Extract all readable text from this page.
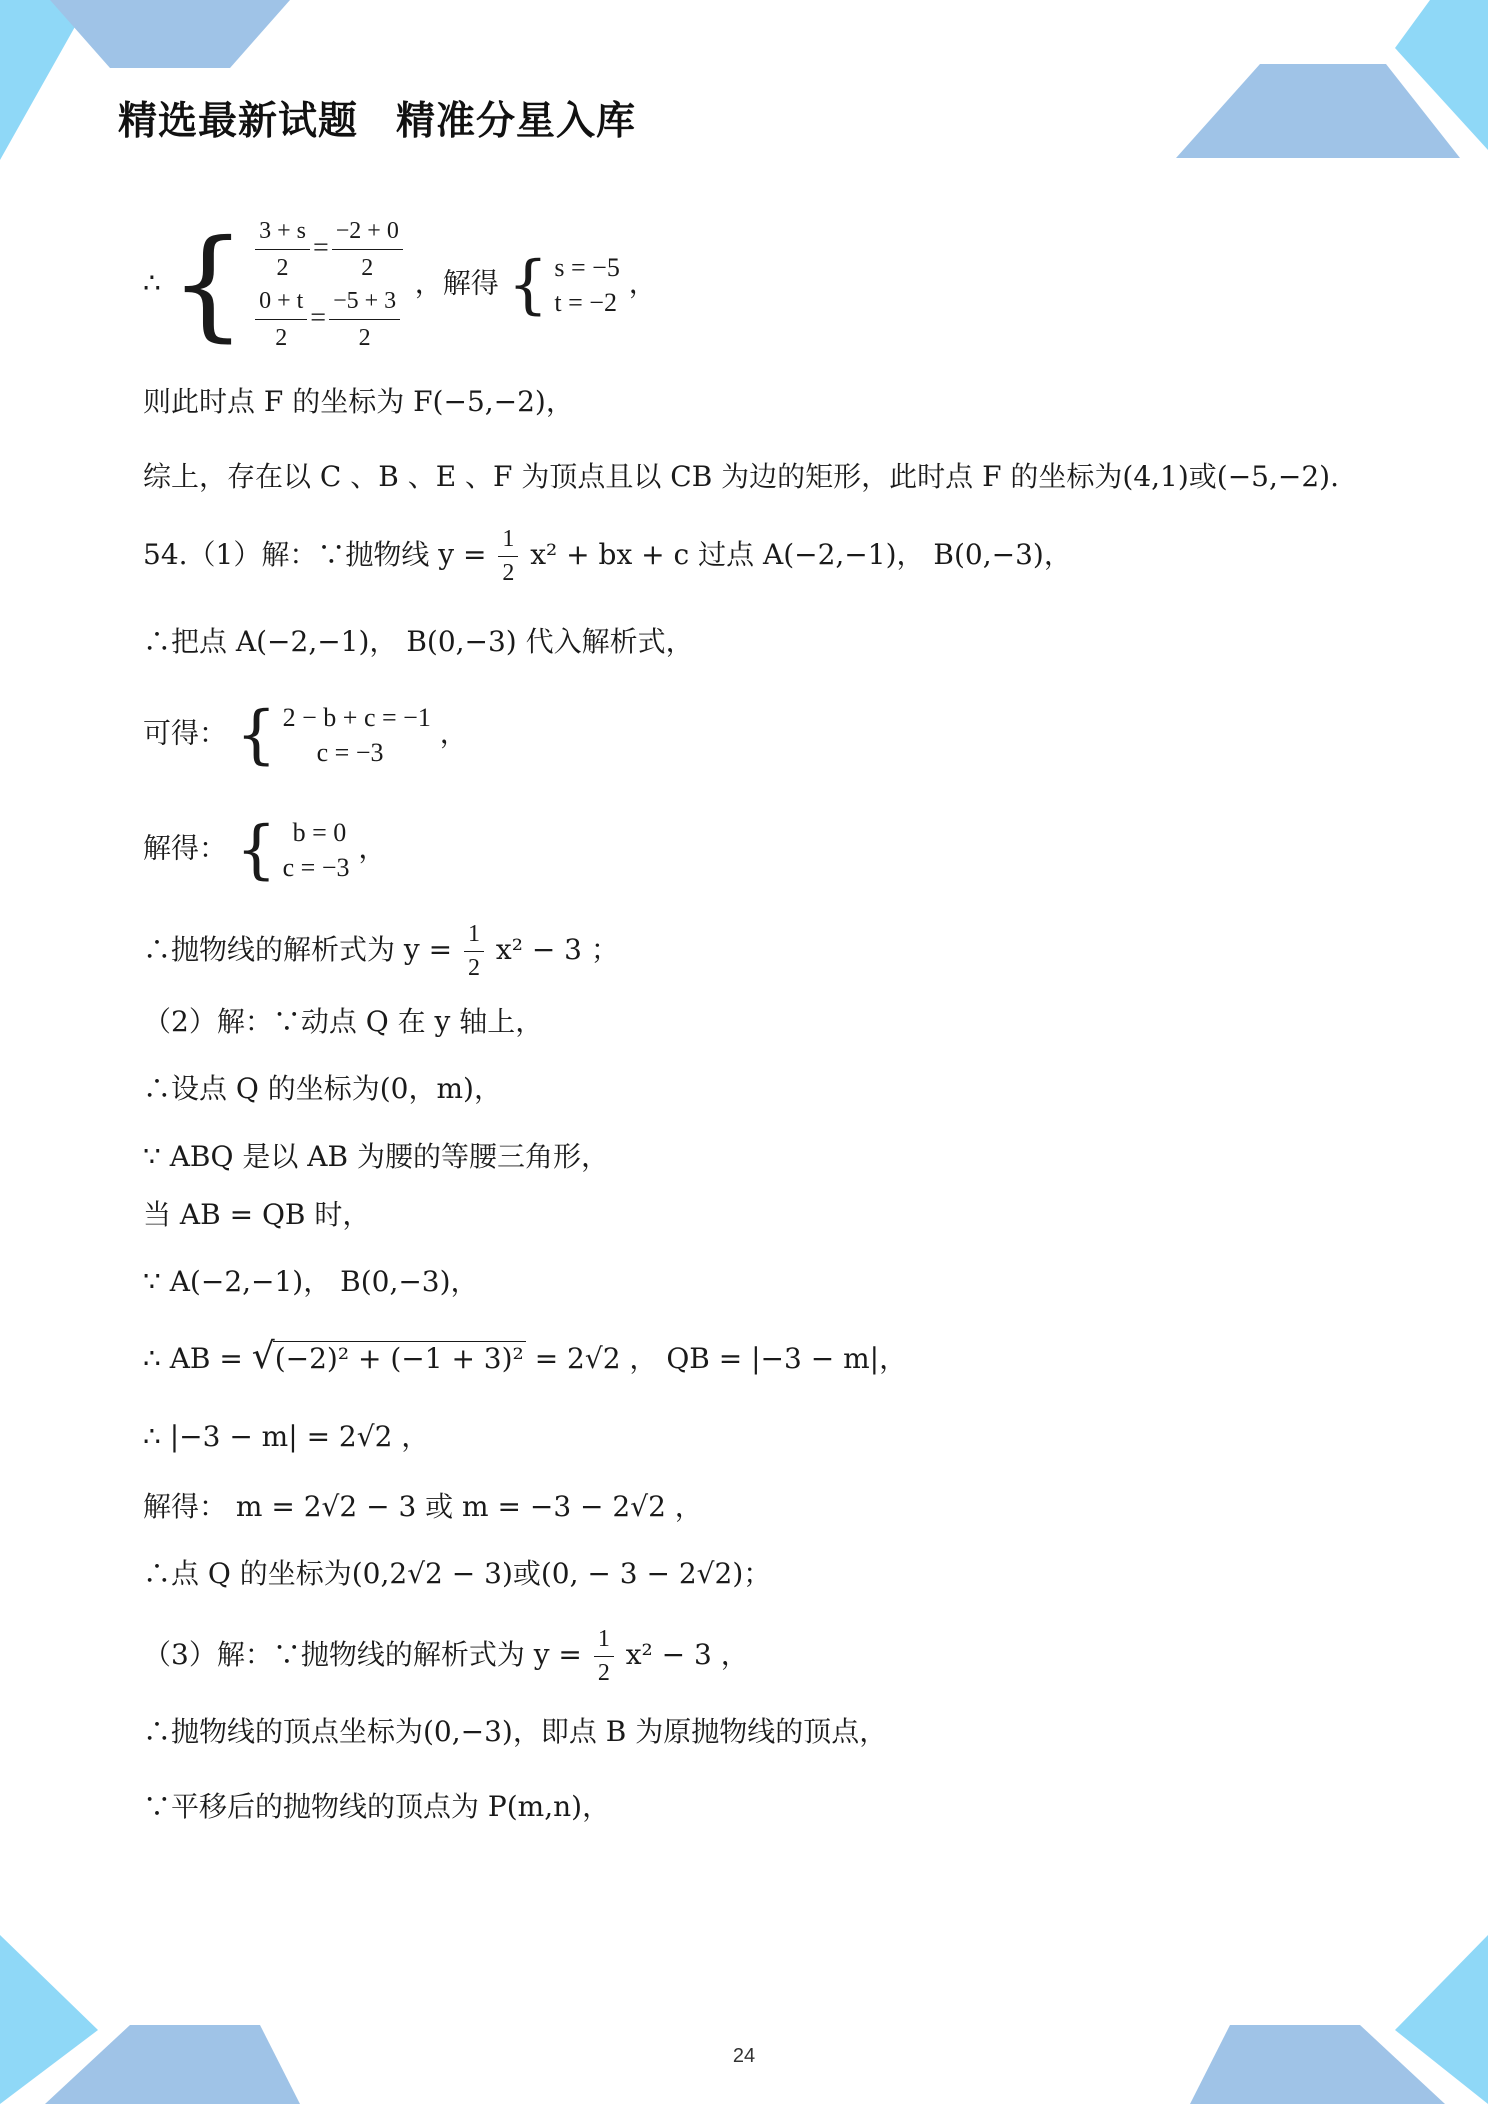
精选最新试题 精准分星入库
∴ { $\frac{3 + s}{2} = \frac{-2 + 0}{2}$
$\frac{0 + t}{2} = \frac{-5 + 3}{2}$
，解得 { s = −5
t = −2
，
则此时点 F 的坐标为 F(−5,−2)，
综上，存在以 C 、B 、E 、F 为顶点且以 CB 为边的矩形，此时点 F 的坐标为(4,1)或(−5,−2).
54.（1）解：∵抛物线 $y = \frac{1}{2} x^2$ + bx + c 过点 A(−2,−1)， B(0,−3)，
∴把点 A(−2,−1)， B(0,−3) 代入解析式，
可得： { 2 − b + c = −1
c = −3
，
解得： { b = 0
c = −3
，
∴抛物线的解析式为 $y = \frac{1}{2} x^2 - 3$ ；
（2）解：∵动点 Q 在 y 轴上，
∴设点 Q 的坐标为(0，m)，
∵ ABQ 是以 AB 为腰的等腰三角形，
当 AB = QB 时，
∵ A(−2,−1)， B(0,−3)，
∴ AB = √(−2)² + (−1 + 3)² = 2√2 ， QB = |−3 − m|，
∴ |−3 − m| = 2√2 ，
解得： m = 2√2 − 3 或 m = −3 − 2√2 ，
∴点 Q 的坐标为(0,2√2 − 3)或(0, − 3 − 2√2)；
（3）解：∵抛物线的解析式为 $y = \frac{1}{2} x^2 - 3$ ，
∴抛物线的顶点坐标为(0,−3)，即点 B 为原抛物线的顶点，
∵平移后的抛物线的顶点为 P(m,n)，
24
